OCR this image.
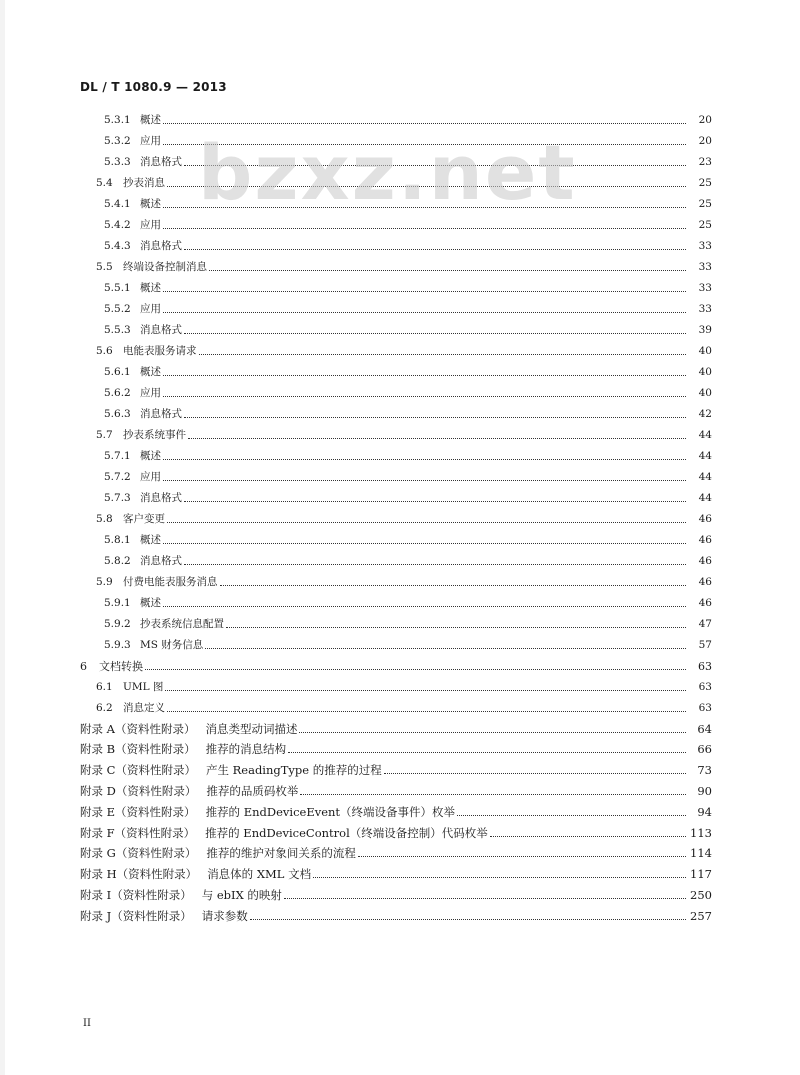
DL / T 1080.9 — 2013
bzxz.net
5.3.1 概述	20
5.3.2 应用	20
5.3.3 消息格式	23
5.4 抄表消息	25
5.4.1 概述	25
5.4.2 应用	25
5.4.3 消息格式	33
5.5 终端设备控制消息	33
5.5.1 概述	33
5.5.2 应用	33
5.5.3 消息格式	39
5.6 电能表服务请求	40
5.6.1 概述	40
5.6.2 应用	40
5.6.3 消息格式	42
5.7 抄表系统事件	44
5.7.1 概述	44
5.7.2 应用	44
5.7.3 消息格式	44
5.8 客户变更	46
5.8.1 概述	46
5.8.2 消息格式	46
5.9 付费电能表服务消息	46
5.9.1 概述	46
5.9.2 抄表系统信息配置	47
5.9.3 MS 财务信息	57
6	文档转换	63
6.1 UML 图	63
6.2 消息定义	63
附录 A（资料性附录） 消息类型动词描述	64
附录 B（资料性附录） 推荐的消息结构	66
附录 C（资料性附录） 产生 ReadingType 的推荐的过程	73
附录 D（资料性附录） 推荐的品质码枚举	90
附录 E（资料性附录） 推荐的 EndDeviceEvent（终端设备事件）枚举	94
附录 F（资料性附录） 推荐的 EndDeviceControl（终端设备控制）代码枚举	113
附录 G（资料性附录） 推荐的维护对象间关系的流程	114
附录 H（资料性附录） 消息体的 XML 文档	117
附录 I（资料性附录） 与 ebIX 的映射	250
附录 J（资料性附录） 请求参数	257
II
